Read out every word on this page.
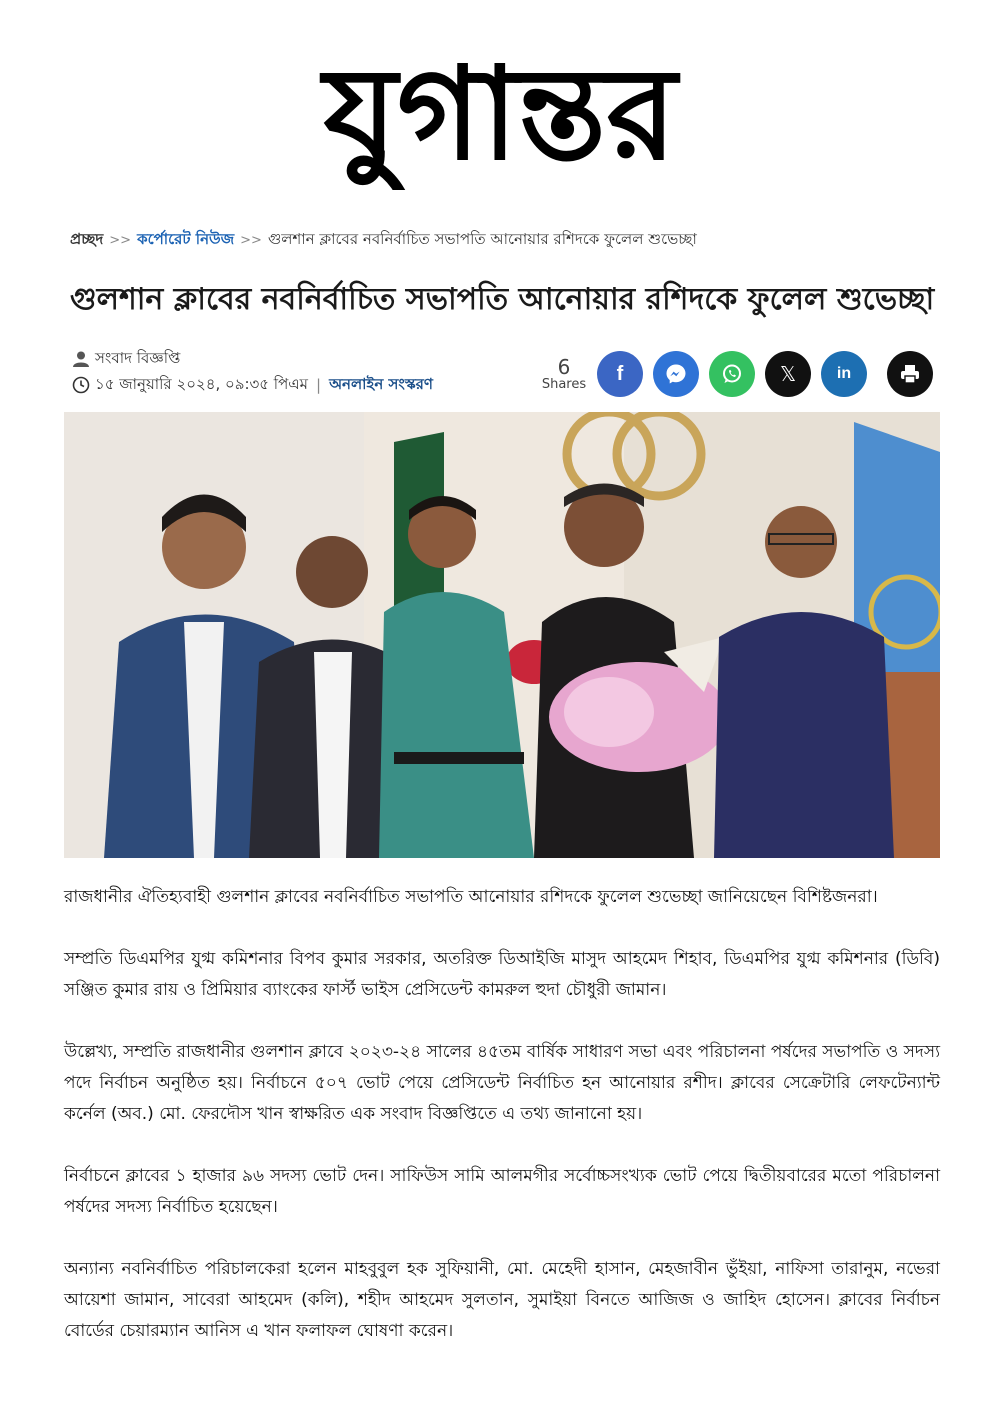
যুগান্তর
প্রচ্ছদ >> কর্পোরেট নিউজ >> গুলশান ক্লাবের নবনির্বাচিত সভাপতি আনোয়ার রশিদকে ফুলেল শুভেচ্ছা
গুলশান ক্লাবের নবনির্বাচিত সভাপতি আনোয়ার রশিদকে ফুলেল শুভেচ্ছা
সংবাদ বিজ্ঞপ্তি
১৫ জানুয়ারি ২০২৪, ০৯:৩৫ পিএম | অনলাইন সংস্করণ
6
Shares	f	𝕏	in

রাজধানীর ঐতিহ্যবাহী গুলশান ক্লাবের নবনির্বাচিত সভাপতি আনোয়ার রশিদকে ফুলেল শুভেচ্ছা জানিয়েছেন বিশিষ্টজনরা।

সম্প্রতি ডিএমপির যুগ্ম কমিশনার বিপব কুমার সরকার, অতরিক্ত ডিআইজি মাসুদ আহমেদ শিহাব, ডিএমপির যুগ্ম কমিশনার (ডিবি) সঞ্জিত কুমার রায় ও প্রিমিয়ার ব্যাংকের ফার্স্ট ভাইস প্রেসিডেন্ট কামরুল হুদা চৌধুরী জামান।

উল্লেখ্য, সম্প্রতি রাজধানীর গুলশান ক্লাবে ২০২৩-২৪ সালের ৪৫তম বার্ষিক সাধারণ সভা এবং পরিচালনা পর্ষদের সভাপতি ও সদস্য পদে নির্বাচন অনুষ্ঠিত হয়। নির্বাচনে ৫০৭ ভোট পেয়ে প্রেসিডেন্ট নির্বাচিত হন আনোয়ার রশীদ। ক্লাবের সেক্রেটারি লেফটেন্যান্ট কর্নেল (অব.) মো. ফেরদৌস খান স্বাক্ষরিত এক সংবাদ বিজ্ঞপ্তিতে এ তথ্য জানানো হয়।

নির্বাচনে ক্লাবের ১ হাজার ৯৬ সদস্য ভোট দেন। সাফিউস সামি আলমগীর সর্বোচ্চসংখ্যক ভোট পেয়ে দ্বিতীয়বারের মতো পরিচালনা পর্ষদের সদস্য নির্বাচিত হয়েছেন।

অন্যান্য নবনির্বাচিত পরিচালকেরা হলেন মাহবুবুল হক সুফিয়ানী, মো. মেহেদী হাসান, মেহজাবীন ভুঁইয়া, নাফিসা তারানুম, নভেরা আয়েশা জামান, সাবেরা আহমেদ (কলি), শহীদ আহমেদ সুলতান, সুমাইয়া বিনতে আজিজ ও জাহিদ হোসেন। ক্লাবের নির্বাচন বোর্ডের চেয়ারম্যান আনিস এ খান ফলাফল ঘোষণা করেন।
